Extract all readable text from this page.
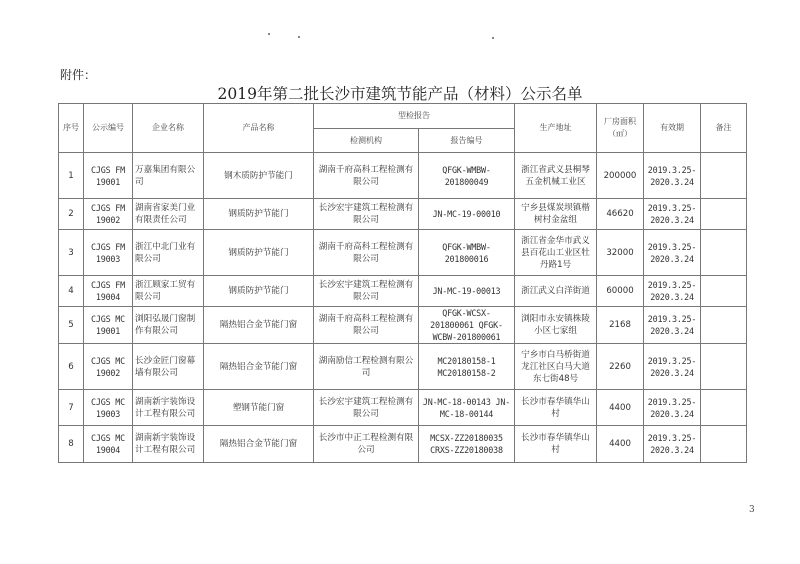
附件：
2019年第二批长沙市建筑节能产品（材料）公示名单
序号	公示编号	企业名称	产品名称	型检报告		生产地址	厂房面积（㎡）	有效期	备注
				检测机构	报告编号				
1	CJGS FM 19001	万嘉集团有限公司	钢木质防护节能门	湖南千府高科工程检测有限公司	QFGK-WMBW-201800049	浙江省武义县桐琴五金机械工业区	200000	2019.3.25-2020.3.24	
2	CJGS FM 19002	湖南省家美门业有限责任公司	钢质防护节能门	长沙宏宇建筑工程检测有限公司	JN-MC-19-00010	宁乡县煤炭坝镇楷树村金盆组	46620	2019.3.25-2020.3.24	
3	CJGS FM 19003	浙江中北门业有限公司	钢质防护节能门	湖南千府高科工程检测有限公司	QFGK-WMBW-201800016	浙江省金华市武义县百花山工业区牡丹路1号	32000	2019.3.25-2020.3.24	
4	CJGS FM 19004	浙江顾家工贸有限公司	钢质防护节能门	长沙宏宇建筑工程检测有限公司	JN-MC-19-00013	浙江武义白洋街道	60000	2019.3.25-2020.3.24	
5	CJGS MC 19001	浏阳弘晟门窗制作有限公司	隔热铝合金节能门窗	湖南千府高科工程检测有限公司	QFGK-WCSX-201800061 QFGK-WCBW-201800061	浏阳市永安镇株陵小区七家组	2168	2019.3.25-2020.3.24	
6	CJGS MC 19002	长沙金匠门窗幕墙有限公司	隔热铝合金节能门窗	湖南励信工程检测有限公司	MC20180158-1 MC20180158-2	宁乡市白马桥街道龙江社区白马大道东七街48号	2260	2019.3.25-2020.3.24	
7	CJGS MC 19003	湖南新宇装饰设计工程有限公司	塑钢节能门窗	长沙宏宇建筑工程检测有限公司	JN-MC-18-00143 JN-MC-18-00144	长沙市春华镇华山村	4400	2019.3.25-2020.3.24	
8	CJGS MC 19004	湖南新宇装饰设计工程有限公司	隔热铝合金节能门窗	长沙市中正工程检测有限公司	MCSX-ZZ20180035 CRXS-ZZ20180038	长沙市春华镇华山村	4400	2019.3.25-2020.3.24	
3
